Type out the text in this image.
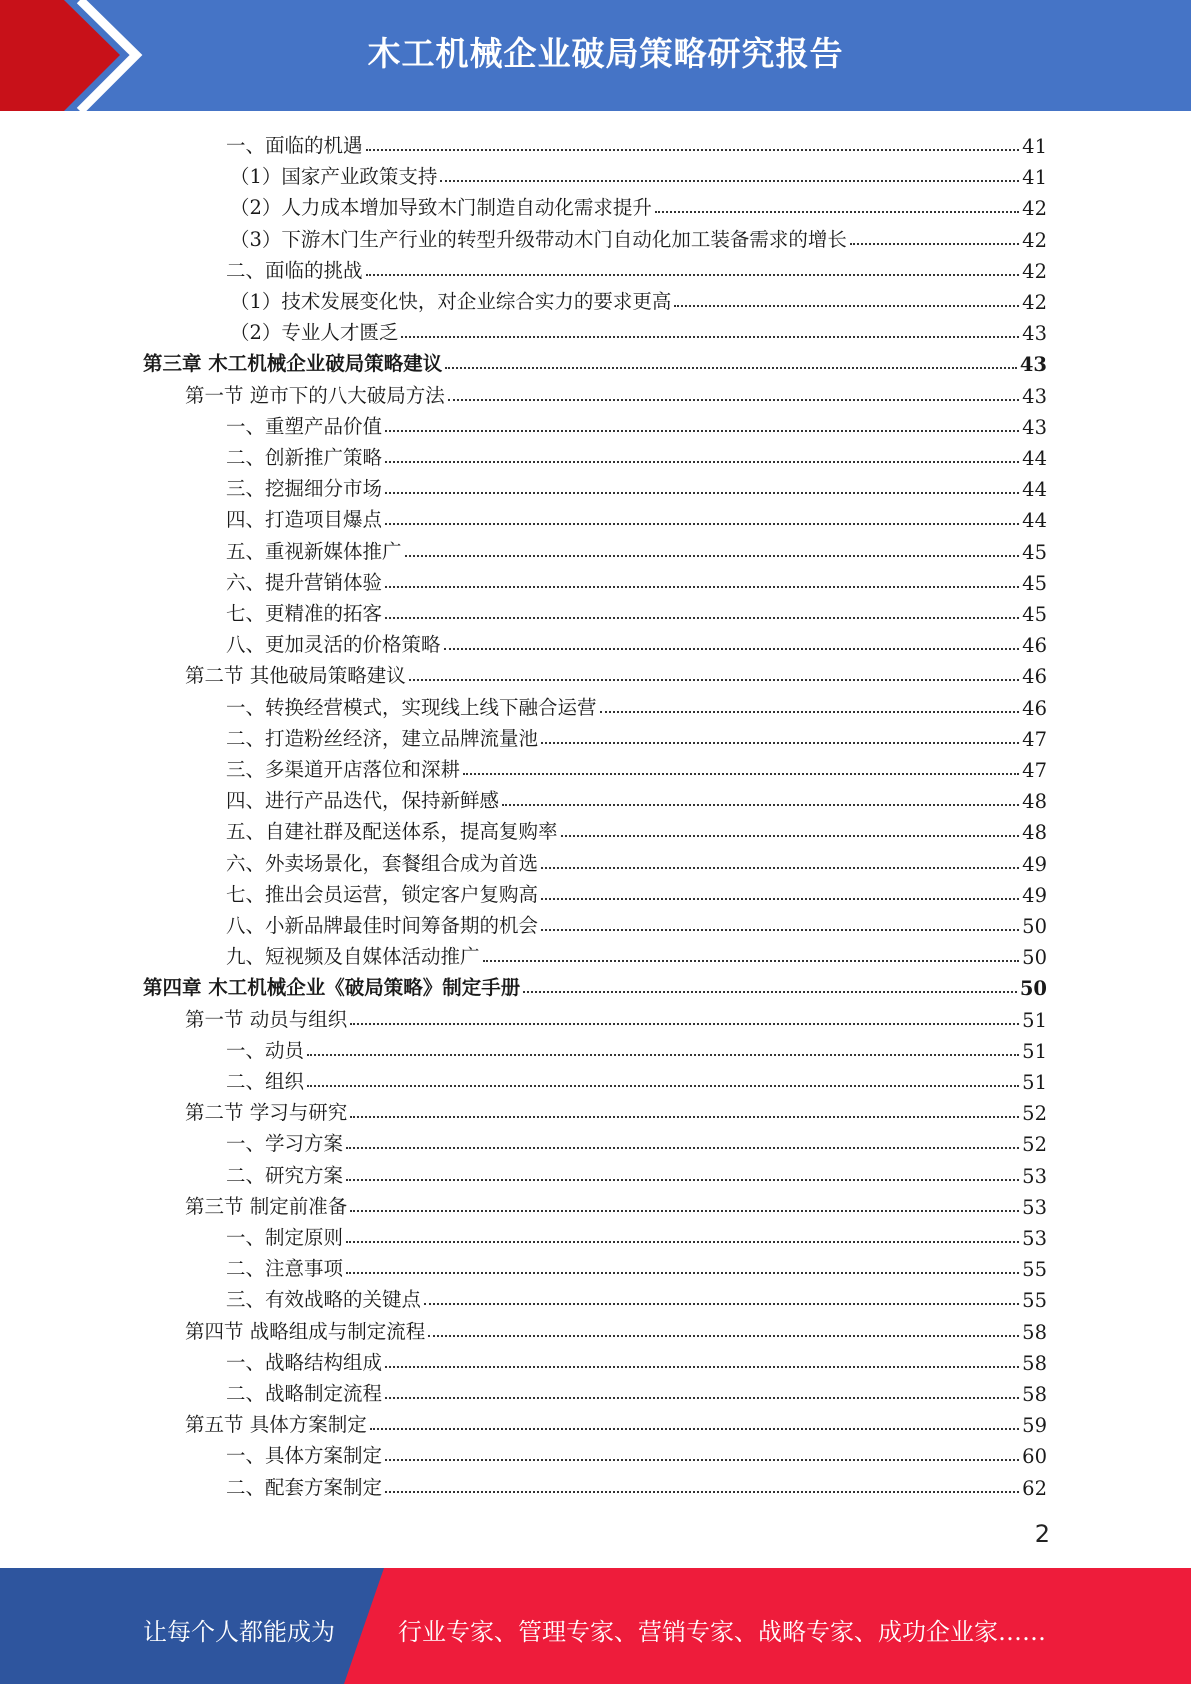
木工机械企业破局策略研究报告
一、面临的机遇	41
（1）国家产业政策支持	41
（2）人力成本增加导致木门制造自动化需求提升	42
（3）下游木门生产行业的转型升级带动木门自动化加工装备需求的增长	42
二、面临的挑战	42
（1）技术发展变化快，对企业综合实力的要求更高	42
（2）专业人才匮乏	43
第三章 木工机械企业破局策略建议	43
第一节 逆市下的八大破局方法	43
一、重塑产品价值	43
二、创新推广策略	44
三、挖掘细分市场	44
四、打造项目爆点	44
五、重视新媒体推广	45
六、提升营销体验	45
七、更精准的拓客	45
八、更加灵活的价格策略	46
第二节 其他破局策略建议	46
一、转换经营模式，实现线上线下融合运营	46
二、打造粉丝经济，建立品牌流量池	47
三、多渠道开店落位和深耕	47
四、进行产品迭代，保持新鲜感	48
五、自建社群及配送体系，提高复购率	48
六、外卖场景化，套餐组合成为首选	49
七、推出会员运营，锁定客户复购高	49
八、小新品牌最佳时间筹备期的机会	50
九、短视频及自媒体活动推广	50
第四章 木工机械企业《破局策略》制定手册	50
第一节 动员与组织	51
一、动员	51
二、组织	51
第二节 学习与研究	52
一、学习方案	52
二、研究方案	53
第三节 制定前准备	53
一、制定原则	53
二、注意事项	55
三、有效战略的关键点	55
第四节 战略组成与制定流程	58
一、战略结构组成	58
二、战略制定流程	58
第五节 具体方案制定	59
一、具体方案制定	60
二、配套方案制定	62
2
让每个人都能成为	行业专家、管理专家、营销专家、战略专家、成功企业家……
